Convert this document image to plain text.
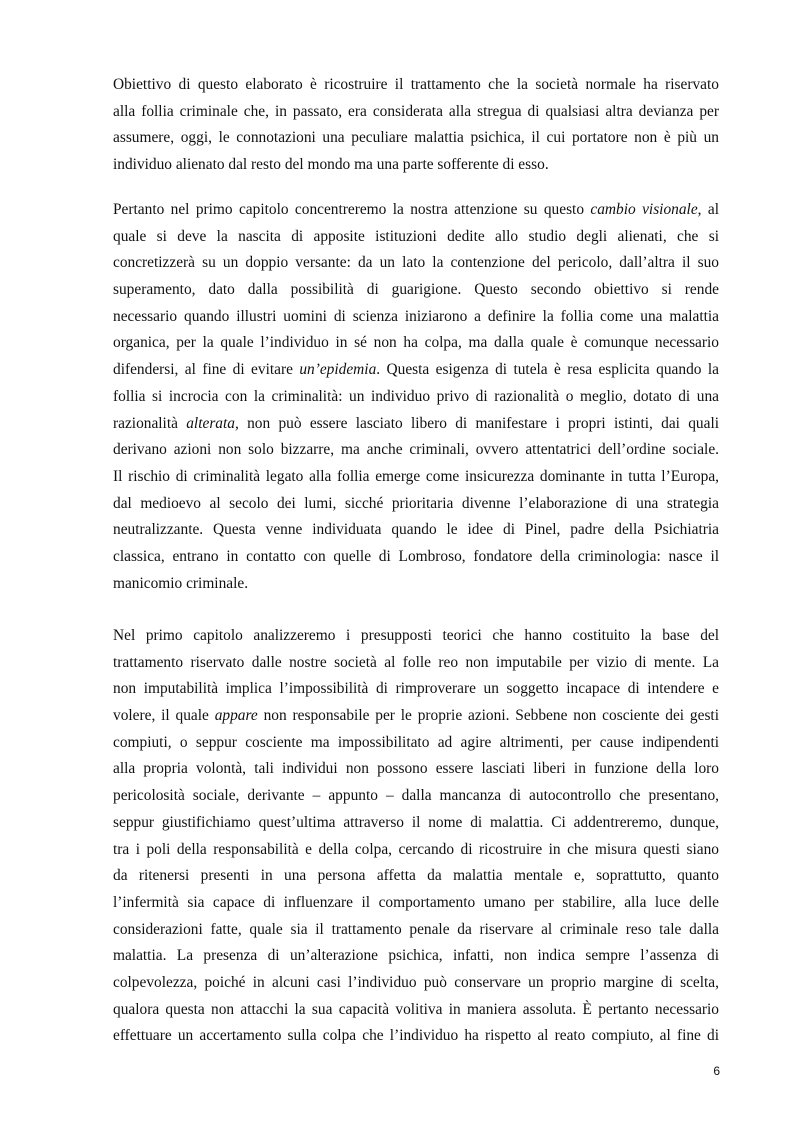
Obiettivo di questo elaborato è ricostruire il trattamento che la società normale ha riservato
alla follia criminale che, in passato, era considerata alla stregua di qualsiasi altra devianza per
assumere, oggi, le connotazioni una peculiare malattia psichica, il cui portatore non è più un
individuo alienato dal resto del mondo ma una parte sofferente di esso.
Pertanto nel primo capitolo concentreremo la nostra attenzione su questo cambio visionale, al
quale si deve la nascita di apposite istituzioni dedite allo studio degli alienati, che si
concretizzerà su un doppio versante: da un lato la contenzione del pericolo, dall’altra il suo
superamento, dato dalla possibilità di guarigione. Questo secondo obiettivo si rende
necessario quando illustri uomini di scienza iniziarono a definire la follia come una malattia
organica, per la quale l’individuo in sé non ha colpa, ma dalla quale è comunque necessario
difendersi, al fine di evitare un’epidemia. Questa esigenza di tutela è resa esplicita quando la
follia si incrocia con la criminalità: un individuo privo di razionalità o meglio, dotato di una
razionalità alterata, non può essere lasciato libero di manifestare i propri istinti, dai quali
derivano azioni non solo bizzarre, ma anche criminali, ovvero attentatrici dell’ordine sociale.
Il rischio di criminalità legato alla follia emerge come insicurezza dominante in tutta l’Europa,
dal medioevo al secolo dei lumi, sicché prioritaria divenne l’elaborazione di una strategia
neutralizzante. Questa venne individuata quando le idee di Pinel, padre della Psichiatria
classica, entrano in contatto con quelle di Lombroso, fondatore della criminologia: nasce il
manicomio criminale.
Nel primo capitolo analizzeremo i presupposti teorici che hanno costituito la base del
trattamento riservato dalle nostre società al folle reo non imputabile per vizio di mente. La
non imputabilità implica l’impossibilità di rimproverare un soggetto incapace di intendere e
volere, il quale appare non responsabile per le proprie azioni. Sebbene non cosciente dei gesti
compiuti, o seppur cosciente ma impossibilitato ad agire altrimenti, per cause indipendenti
alla propria volontà, tali individui non possono essere lasciati liberi in funzione della loro
pericolosità sociale, derivante – appunto – dalla mancanza di autocontrollo che presentano,
seppur giustifichiamo quest’ultima attraverso il nome di malattia. Ci addentreremo, dunque,
tra i poli della responsabilità e della colpa, cercando di ricostruire in che misura questi siano
da ritenersi presenti in una persona affetta da malattia mentale e, soprattutto, quanto
l’infermità sia capace di influenzare il comportamento umano per stabilire, alla luce delle
considerazioni fatte, quale sia il trattamento penale da riservare al criminale reso tale dalla
malattia. La presenza di un’alterazione psichica, infatti, non indica sempre l’assenza di
colpevolezza, poiché in alcuni casi l’individuo può conservare un proprio margine di scelta,
qualora questa non attacchi la sua capacità volitiva in maniera assoluta. È pertanto necessario
effettuare un accertamento sulla colpa che l’individuo ha rispetto al reato compiuto, al fine di
6
